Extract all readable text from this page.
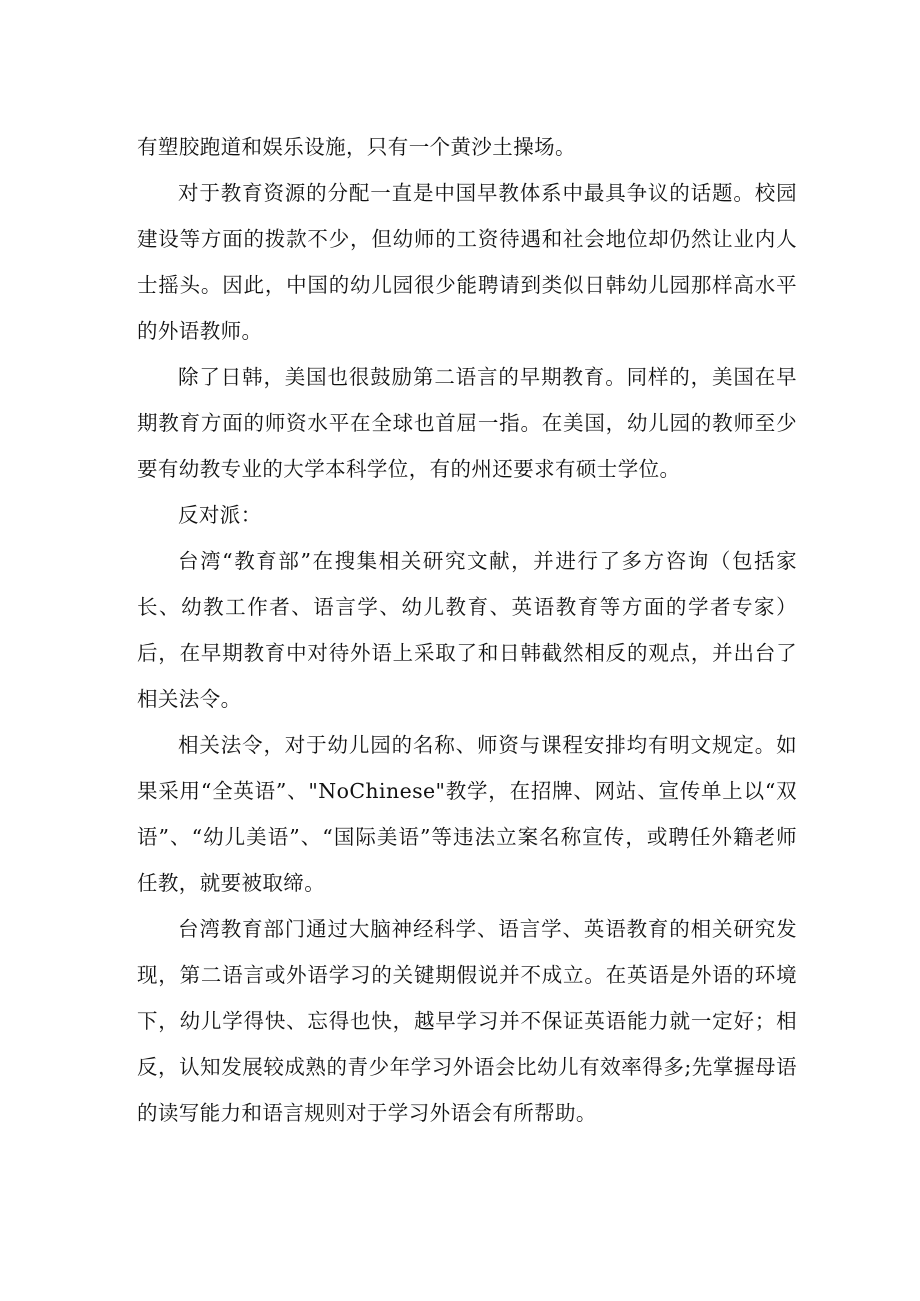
有塑胶跑道和娱乐设施，只有一个黄沙土操场。

对于教育资源的分配一直是中国早教体系中最具争议的话题。校园建设等方面的拨款不少，但幼师的工资待遇和社会地位却仍然让业内人士摇头。因此，中国的幼儿园很少能聘请到类似日韩幼儿园那样高水平的外语教师。

除了日韩，美国也很鼓励第二语言的早期教育。同样的，美国在早期教育方面的师资水平在全球也首屈一指。在美国，幼儿园的教师至少要有幼教专业的大学本科学位，有的州还要求有硕士学位。

反对派：

台湾“教育部”在搜集相关研究文献，并进行了多方咨询（包括家长、幼教工作者、语言学、幼儿教育、英语教育等方面的学者专家）后，在早期教育中对待外语上采取了和日韩截然相反的观点，并出台了相关法令。

相关法令，对于幼儿园的名称、师资与课程安排均有明文规定。如果采用“全英语”、"NoChinese"教学，在招牌、网站、宣传单上以“双语”、“幼儿美语”、“国际美语”等违法立案名称宣传，或聘任外籍老师任教，就要被取缔。

台湾教育部门通过大脑神经科学、语言学、英语教育的相关研究发现，第二语言或外语学习的关键期假说并不成立。在英语是外语的环境下，幼儿学得快、忘得也快，越早学习并不保证英语能力就一定好；相反，认知发展较成熟的青少年学习外语会比幼儿有效率得多;先掌握母语的读写能力和语言规则对于学习外语会有所帮助。
